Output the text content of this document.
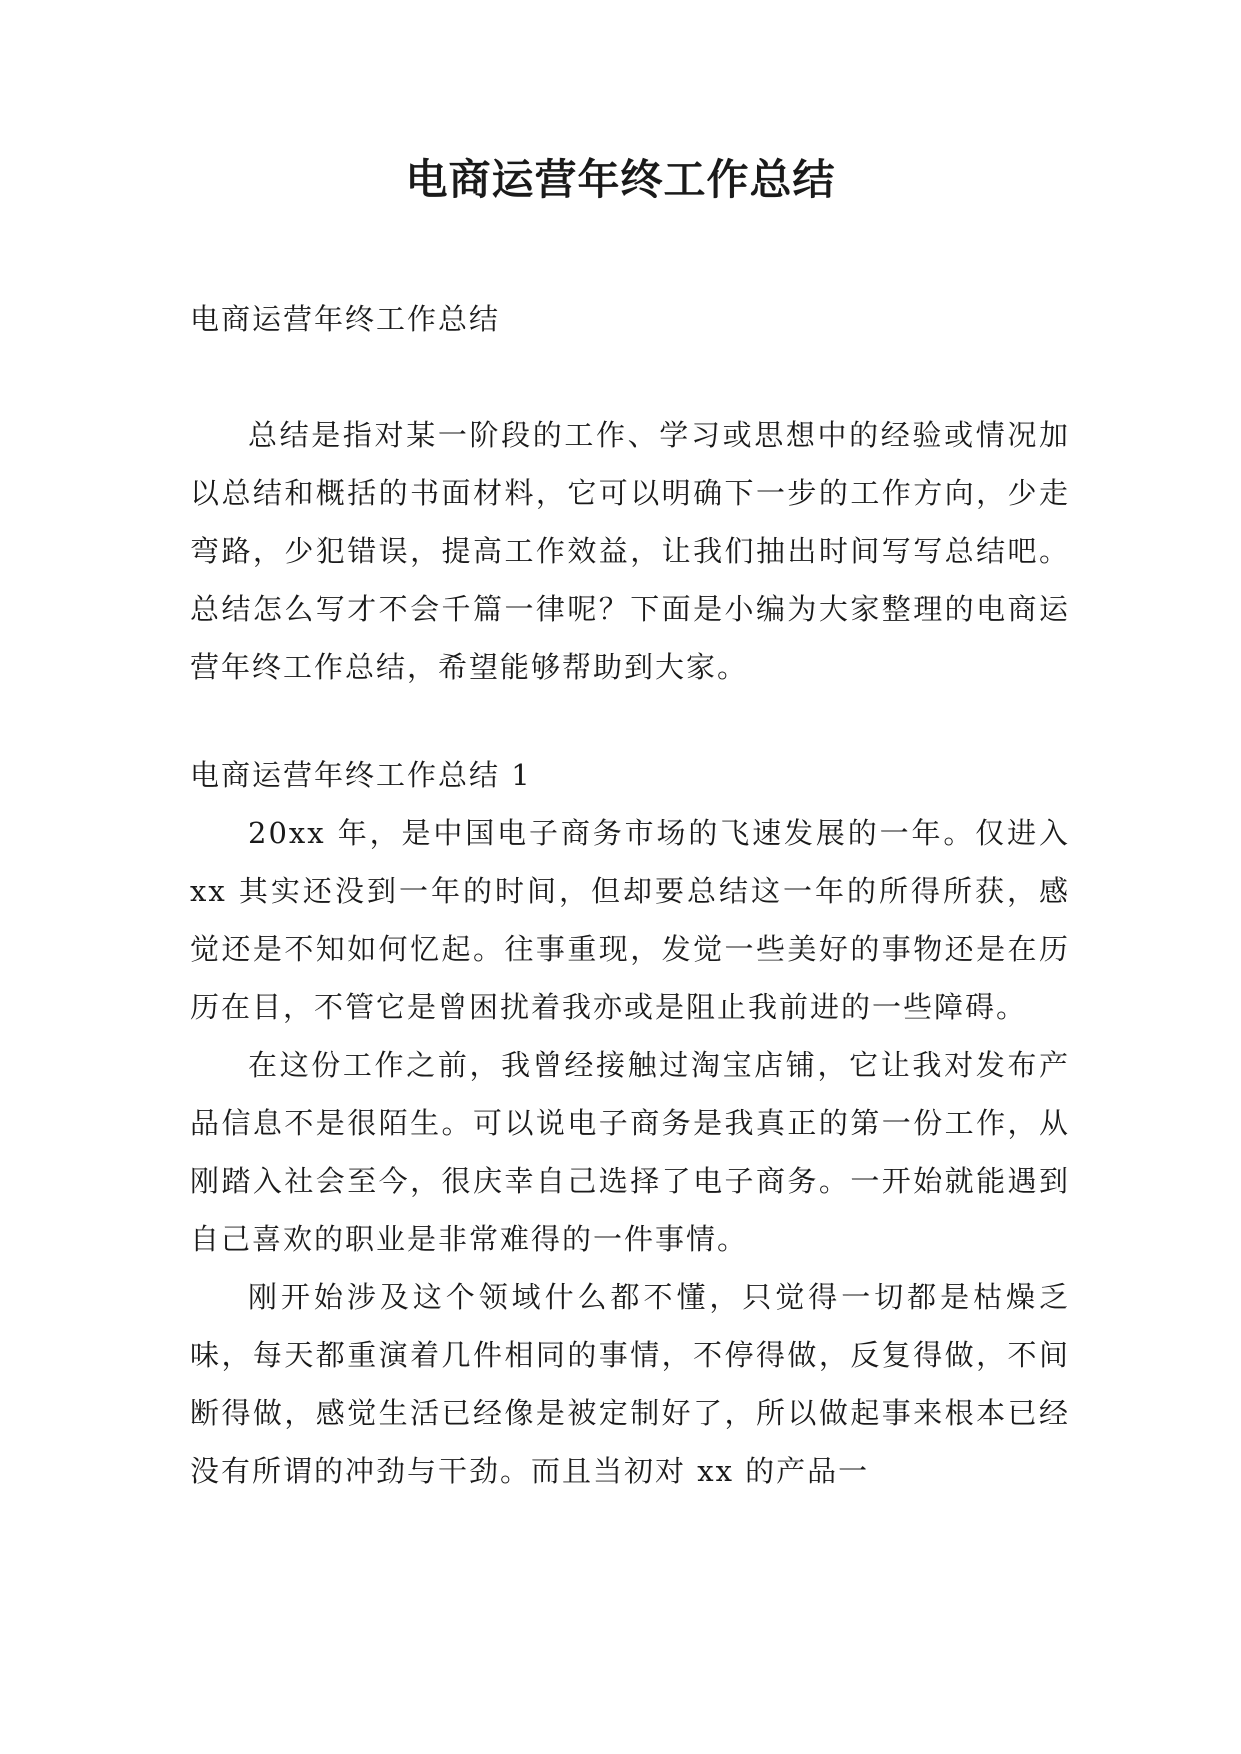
电商运营年终工作总结
电商运营年终工作总结

总结是指对某一阶段的工作、学习或思想中的经验或情况加以总结和概括的书面材料，它可以明确下一步的工作方向，少走弯路，少犯错误，提高工作效益，让我们抽出时间写写总结吧。总结怎么写才不会千篇一律呢？下面是小编为大家整理的电商运营年终工作总结，希望能够帮助到大家。

电商运营年终工作总结 1

20xx 年，是中国电子商务市场的飞速发展的一年。仅进入 xx 其实还没到一年的时间，但却要总结这一年的所得所获，感觉还是不知如何忆起。往事重现，发觉一些美好的事物还是在历历在目，不管它是曾困扰着我亦或是阻止我前进的一些障碍。

在这份工作之前，我曾经接触过淘宝店铺，它让我对发布产品信息不是很陌生。可以说电子商务是我真正的第一份工作，从刚踏入社会至今，很庆幸自己选择了电子商务。一开始就能遇到自己喜欢的职业是非常难得的一件事情。

刚开始涉及这个领域什么都不懂，只觉得一切都是枯燥乏味，每天都重演着几件相同的事情，不停得做，反复得做，不间断得做，感觉生活已经像是被定制好了，所以做起事来根本已经没有所谓的冲劲与干劲。而且当初对 xx 的产品一
